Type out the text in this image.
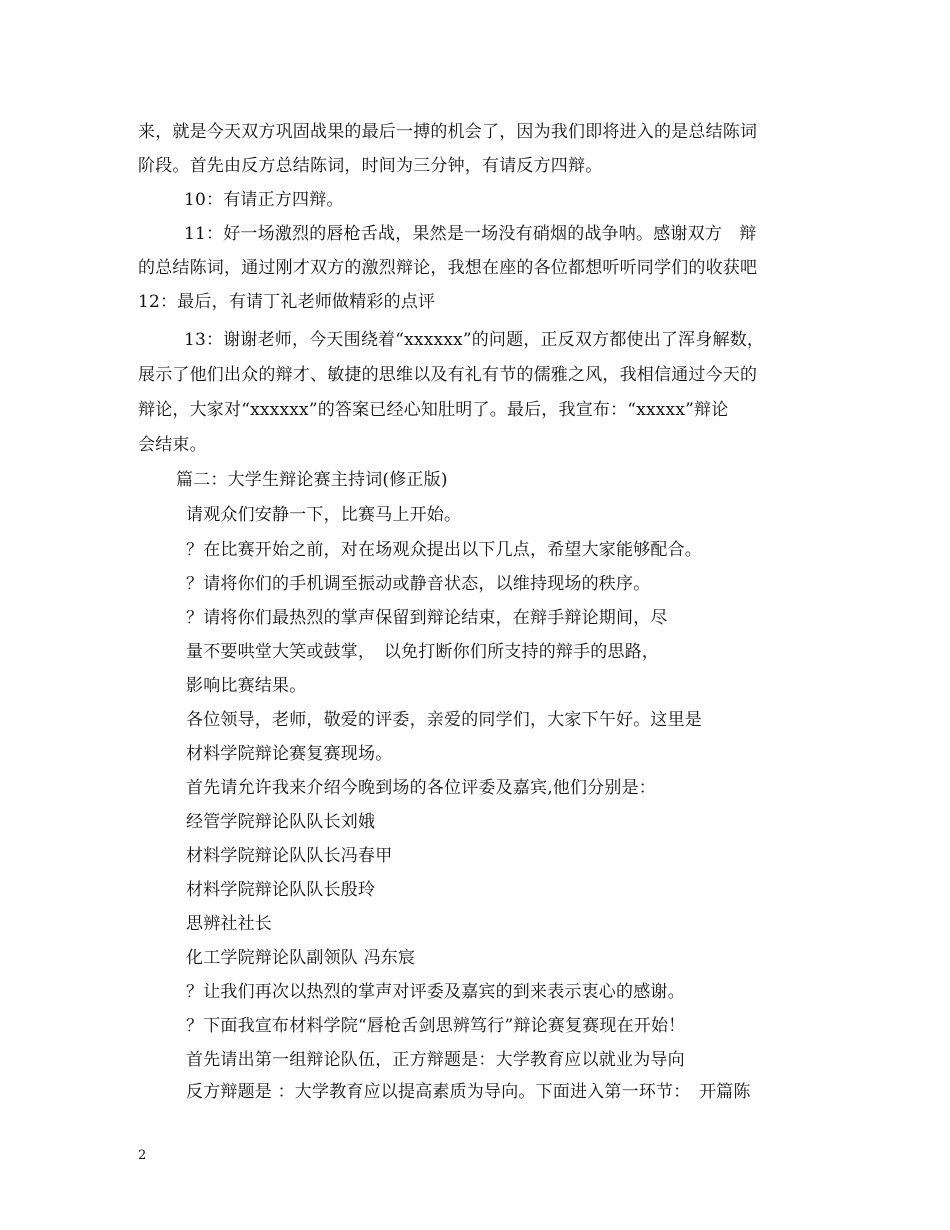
来，就是今天双方巩固战果的最后一搏的机会了，因为我们即将进入的是总结陈词
阶段。首先由反方总结陈词，时间为三分钟，有请反方四辩。
10：有请正方四辩。
11：好一场激烈的唇枪舌战，果然是一场没有硝烟的战争呐。感谢双方　辩
的总结陈词，通过刚才双方的激烈辩论，我想在座的各位都想听听同学们的收获吧
12：最后，有请丁礼老师做精彩的点评
13：谢谢老师，今天围绕着“xxxxxx”的问题，正反双方都使出了浑身解数，
展示了他们出众的辩才、敏捷的思维以及有礼有节的儒雅之风，我相信通过今天的
辩论，大家对“xxxxxx”的答案已经心知肚明了。最后，我宣布：“xxxxx”辩论
会结束。
篇二：大学生辩论赛主持词(修正版)
请观众们安静一下，比赛马上开始。
？在比赛开始之前，对在场观众提出以下几点，希望大家能够配合。
？请将你们的手机调至振动或静音状态，以维持现场的秩序。
？请将你们最热烈的掌声保留到辩论结束，在辩手辩论期间，尽
量不要哄堂大笑或鼓掌，　以免打断你们所支持的辩手的思路，
影响比赛结果。
各位领导，老师，敬爱的评委，亲爱的同学们，大家下午好。这里是
材料学院辩论赛复赛现场。
首先请允许我来介绍今晚到场的各位评委及嘉宾,他们分别是：
经管学院辩论队队长刘娥
材料学院辩论队队长冯春甲
材料学院辩论队队长殷玲
思辨社社长
化工学院辩论队副领队 冯东宸
？让我们再次以热烈的掌声对评委及嘉宾的到来表示衷心的感谢。
？下面我宣布材料学院“唇枪舌剑思辨笃行”辩论赛复赛现在开始！
首先请出第一组辩论队伍，正方辩题是：大学教育应以就业为导向
反方辩题是 ：大学教育应以提高素质为导向。下面进入第一环节：　开篇陈
2
